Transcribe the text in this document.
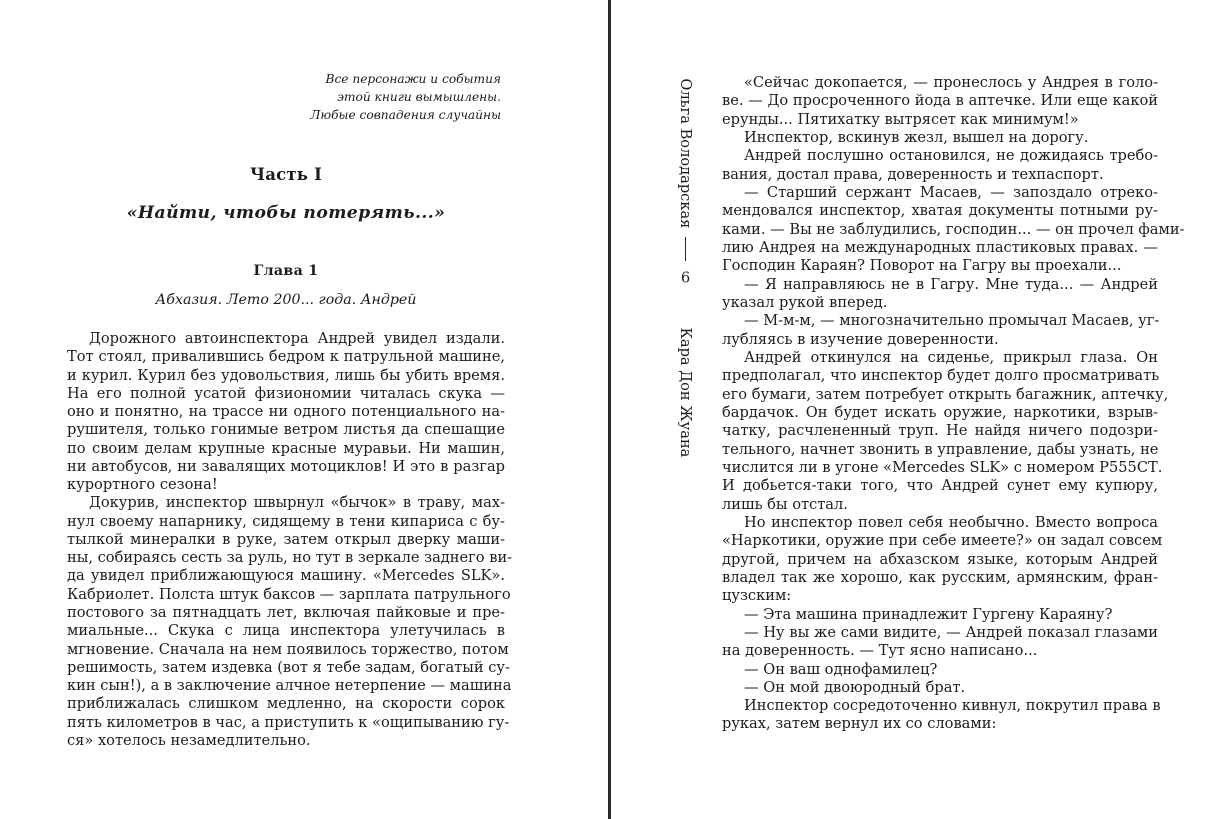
Все персонажи и события
этой книги вымышлены.
Любые совпадения случайны
Часть I
«Найти, чтобы потерять...»
Глава 1
Абхазия. Лето 200... года. Андрей
Дорожного автоинспектора Андрей увидел издали.
Тот стоял, привалившись бедром к патрульной машине,
и курил. Курил без удовольствия, лишь бы убить время.
На его полной усатой физиономии читалась скука —
оно и понятно, на трассе ни одного потенциального на-
рушителя, только гонимые ветром листья да спешащие
по своим делам крупные красные муравьи. Ни машин,
ни автобусов, ни завалящих мотоциклов! И это в разгар
курортного сезона!
Докурив, инспектор швырнул «бычок» в траву, мах-
нул своему напарнику, сидящему в тени кипариса с бу-
тылкой минералки в руке, затем открыл дверку маши-
ны, собираясь сесть за руль, но тут в зеркале заднего ви-
да увидел приближающуюся машину. «Mercedes SLK».
Кабриолет. Полста штук баксов — зарплата патрульного
постового за пятнадцать лет, включая пайковые и пре-
миальные... Скука с лица инспектора улетучилась в
мгновение. Сначала на нем появилось торжество, потом
решимость, затем издевка (вот я тебе задам, богатый су-
кин сын!), а в заключение алчное нетерпение — машина
приближалась слишком медленно, на скорости сорок
пять километров в час, а приступить к «ощипыванию гу-
ся» хотелось незамедлительно.
Ольга Володарская
6
Кара Дон Жуана
«Сейчас докопается, — пронеслось у Андрея в голо-
ве. — До просроченного йода в аптечке. Или еще какой
ерунды... Пятихатку вытрясет как минимум!»
Инспектор, вскинув жезл, вышел на дорогу.
Андрей послушно остановился, не дожидаясь требо-
вания, достал права, доверенность и техпаспорт.
— Старший сержант Масаев, — запоздало отреко-
мендовался инспектор, хватая документы потными ру-
ками. — Вы не заблудились, господин... — он прочел фами-
лию Андрея на международных пластиковых правах. —
Господин Караян? Поворот на Гагру вы проехали...
— Я направляюсь не в Гагру. Мне туда... — Андрей
указал рукой вперед.
— М-м-м, — многозначительно промычал Масаев, уг-
лубляясь в изучение доверенности.
Андрей откинулся на сиденье, прикрыл глаза. Он
предполагал, что инспектор будет долго просматривать
его бумаги, затем потребует открыть багажник, аптечку,
бардачок. Он будет искать оружие, наркотики, взрыв-
чатку, расчлененный труп. Не найдя ничего подозри-
тельного, начнет звонить в управление, дабы узнать, не
числится ли в угоне «Mercedes SLK» с номером Р555СТ.
И добьется-таки того, что Андрей сунет ему купюру,
лишь бы отстал.
Но инспектор повел себя необычно. Вместо вопроса
«Наркотики, оружие при себе имеете?» он задал совсем
другой, причем на абхазском языке, которым Андрей
владел так же хорошо, как русским, армянским, фран-
цузским:
— Эта машина принадлежит Гургену Караяну?
— Ну вы же сами видите, — Андрей показал глазами
на доверенность. — Тут ясно написано...
— Он ваш однофамилец?
— Он мой двоюродный брат.
Инспектор сосредоточенно кивнул, покрутил права в
руках, затем вернул их со словами:
